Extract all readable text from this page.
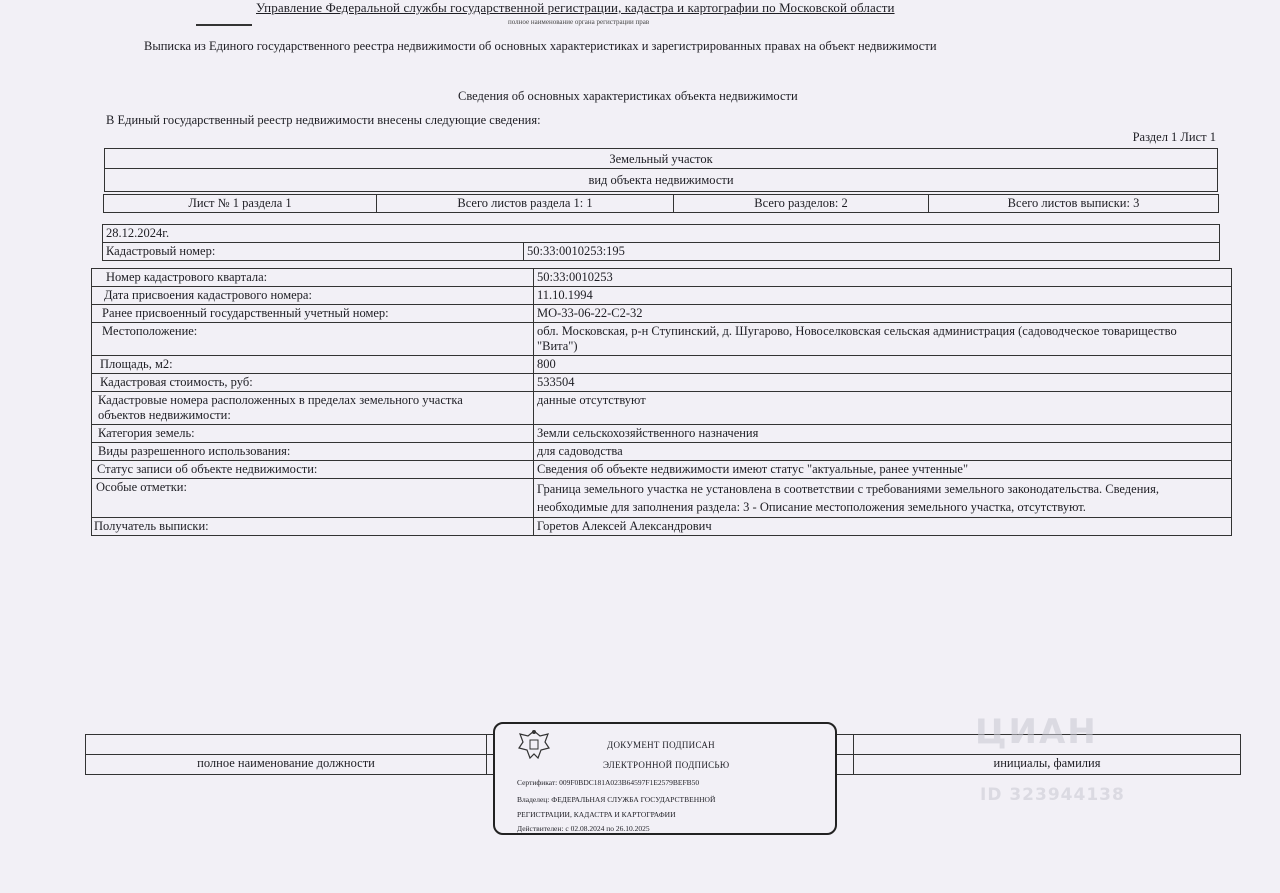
Управление Федеральной службы государственной регистрации, кадастра и картографии по Московской области
полное наименование органа регистрации прав
Выписка из Единого государственного реестра недвижимости об основных характеристиках и зарегистрированных правах на объект недвижимости
Сведения об основных характеристиках объекта недвижимости
В Единый государственный реестр недвижимости внесены следующие сведения:
Раздел 1 Лист 1
Земельный участок
вид объекта недвижимости
Лист № 1 раздела 1	Всего листов раздела 1: 1	Всего разделов: 2	Всего листов выписки: 3
28.12.2024г.
Кадастровый номер:	50:33:0010253:195
Номер кадастрового квартала:	50:33:0010253
Дата присвоения кадастрового номера:	11.10.1994
Ранее присвоенный государственный учетный номер:	МО-33-06-22-С2-32
Местоположение:	обл. Московская, р-н Ступинский, д. Шугарово, Новоселковская сельская администрация (садоводческое товарищество "Вита")
Площадь, м2:	800
Кадастровая стоимость, руб:	533504
Кадастровые номера расположенных в пределах земельного участка объектов недвижимости:	данные отсутствуют
Категория земель:	Земли сельскохозяйственного назначения
Виды разрешенного использования:	для садоводства
Статус записи об объекте недвижимости:	Сведения об объекте недвижимости имеют статус "актуальные, ранее учтенные"
Особые отметки:	Граница земельного участка не установлена в соответствии с требованиями земельного законодательства. Сведения, необходимые для заполнения раздела: 3 - Описание местоположения земельного участка, отсутствуют.
Получатель выписки:	Горетов Алексей Александрович

полное наименование должности		инициалы, фамилия
ДОКУМЕНТ ПОДПИСАН
ЭЛЕКТРОННОЙ ПОДПИСЬЮ
Сертификат: 009F0BDC181A023B64597F1E2579BEFB50
Владелец: ФЕДЕРАЛЬНАЯ СЛУЖБА ГОСУДАРСТВЕННОЙ
РЕГИСТРАЦИИ, КАДАСТРА И КАРТОГРАФИИ
Действителен: с 02.08.2024 по 26.10.2025
ЦИАН
ID 323944138
